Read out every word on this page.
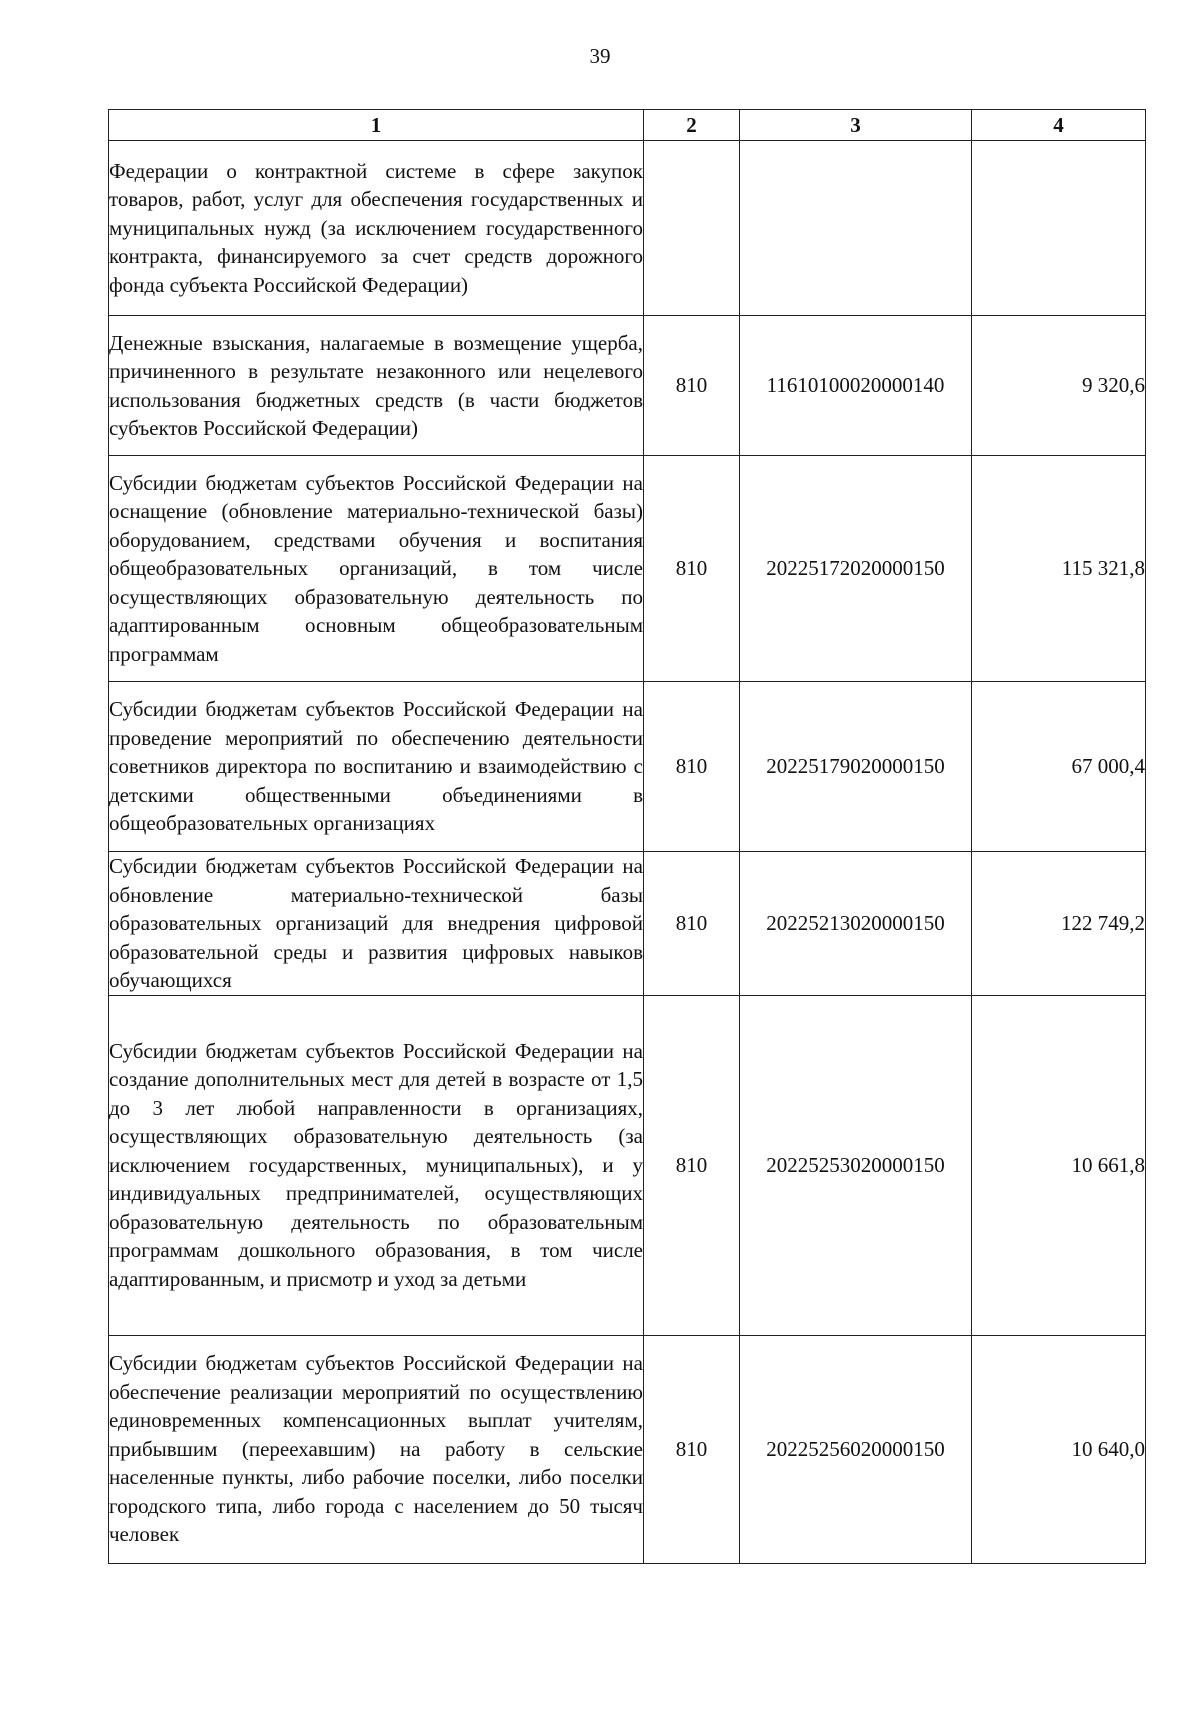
39
1	2	3	4
Федерации о контрактной системе в сфере закупок товаров, работ, услуг для обеспечения государственных и муниципальных нужд (за исключением государственного контракта, финансируемого за счет средств дорожного фонда субъекта Российской Федерации)			
Денежные взыскания, налагаемые в возмещение ущерба, причиненного в результате незаконного или нецелевого использования бюджетных средств (в части бюджетов субъектов Российской Федерации)	810	11610100020000140	9 320,6
Субсидии бюджетам субъектов Российской Федерации на оснащение (обновление материально-технической базы) оборудованием, средствами обучения и воспитания общеобразовательных организаций, в том числе осуществляющих образовательную деятельность по адаптированным основным общеобразовательным программам	810	20225172020000150	115 321,8
Субсидии бюджетам субъектов Российской Федерации на проведение мероприятий по обеспечению деятельности советников директора по воспитанию и взаимодействию с детскими общественными объединениями в общеобразовательных организациях	810	20225179020000150	67 000,4
Субсидии бюджетам субъектов Российской Федерации на обновление материально-технической базы образовательных организаций для внедрения цифровой образовательной среды и развития цифровых навыков обучающихся	810	20225213020000150	122 749,2
Субсидии бюджетам субъектов Российской Федерации на создание дополнительных мест для детей в возрасте от 1,5 до 3 лет любой направленности в организациях, осуществляющих образовательную деятельность (за исключением государственных, муниципальных), и у индивидуальных предпринимателей, осуществляющих образовательную деятельность по образовательным программам дошкольного образования, в том числе адаптированным, и присмотр и уход за детьми	810	20225253020000150	10 661,8
Субсидии бюджетам субъектов Российской Федерации на обеспечение реализации мероприятий по осуществлению единовременных компенсационных выплат учителям, прибывшим (переехавшим) на работу в сельские населенные пункты, либо рабочие поселки, либо поселки городского типа, либо города с населением до 50 тысяч человек	810	20225256020000150	10 640,0
